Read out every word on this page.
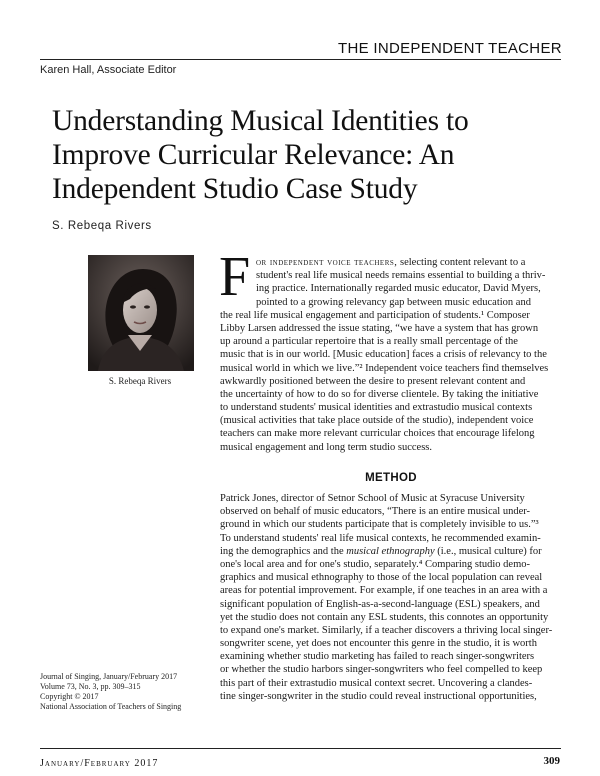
THE INDEPENDENT TEACHER
Karen Hall, Associate Editor
Understanding Musical Identities to
Improve Curricular Relevance: An
Independent Studio Case Study
S. Rebeqa Rivers
S. Rebeqa Rivers
F or independent voice teachers, selecting content relevant to a
student's real life musical needs remains essential to building a thriv-
ing practice. Internationally regarded music educator, David Myers,
pointed to a growing relevancy gap between music education and
the real life musical engagement and participation of students.¹ Composer
Libby Larsen addressed the issue stating, “we have a system that has grown
up around a particular repertoire that is a really small percentage of the
music that is in our world. [Music education] faces a crisis of relevancy to the
musical world in which we live.”² Independent voice teachers find themselves
awkwardly positioned between the desire to present relevant content and
the uncertainty of how to do so for diverse clientele. By taking the initiative
to understand students' musical identities and extrastudio musical contexts
(musical activities that take place outside of the studio), independent voice
teachers can make more relevant curricular choices that encourage lifelong
musical engagement and long term studio success.
METHOD
Patrick Jones, director of Setnor School of Music at Syracuse University
observed on behalf of music educators, “There is an entire musical under-
ground in which our students participate that is completely invisible to us.”³
To understand students' real life musical contexts, he recommended examin-
ing the demographics and the musical ethnography (i.e., musical culture) for
one's local area and for one's studio, separately.⁴ Comparing studio demo-
graphics and musical ethnography to those of the local population can reveal
areas for potential improvement. For example, if one teaches in an area with a
significant population of English-as-a-second-language (ESL) speakers, and
yet the studio does not contain any ESL students, this connotes an opportunity
to expand one's market. Similarly, if a teacher discovers a thriving local singer-
songwriter scene, yet does not encounter this genre in the studio, it is worth
examining whether studio marketing has failed to reach singer-songwriters
or whether the studio harbors singer-songwriters who feel compelled to keep
this part of their extrastudio musical context secret. Uncovering a clandes-
tine singer-songwriter in the studio could reveal instructional opportunities,
Journal of Singing, January/February 2017
Volume 73, No. 3, pp. 309–315
Copyright © 2017
National Association of Teachers of Singing
January/February 2017	309
